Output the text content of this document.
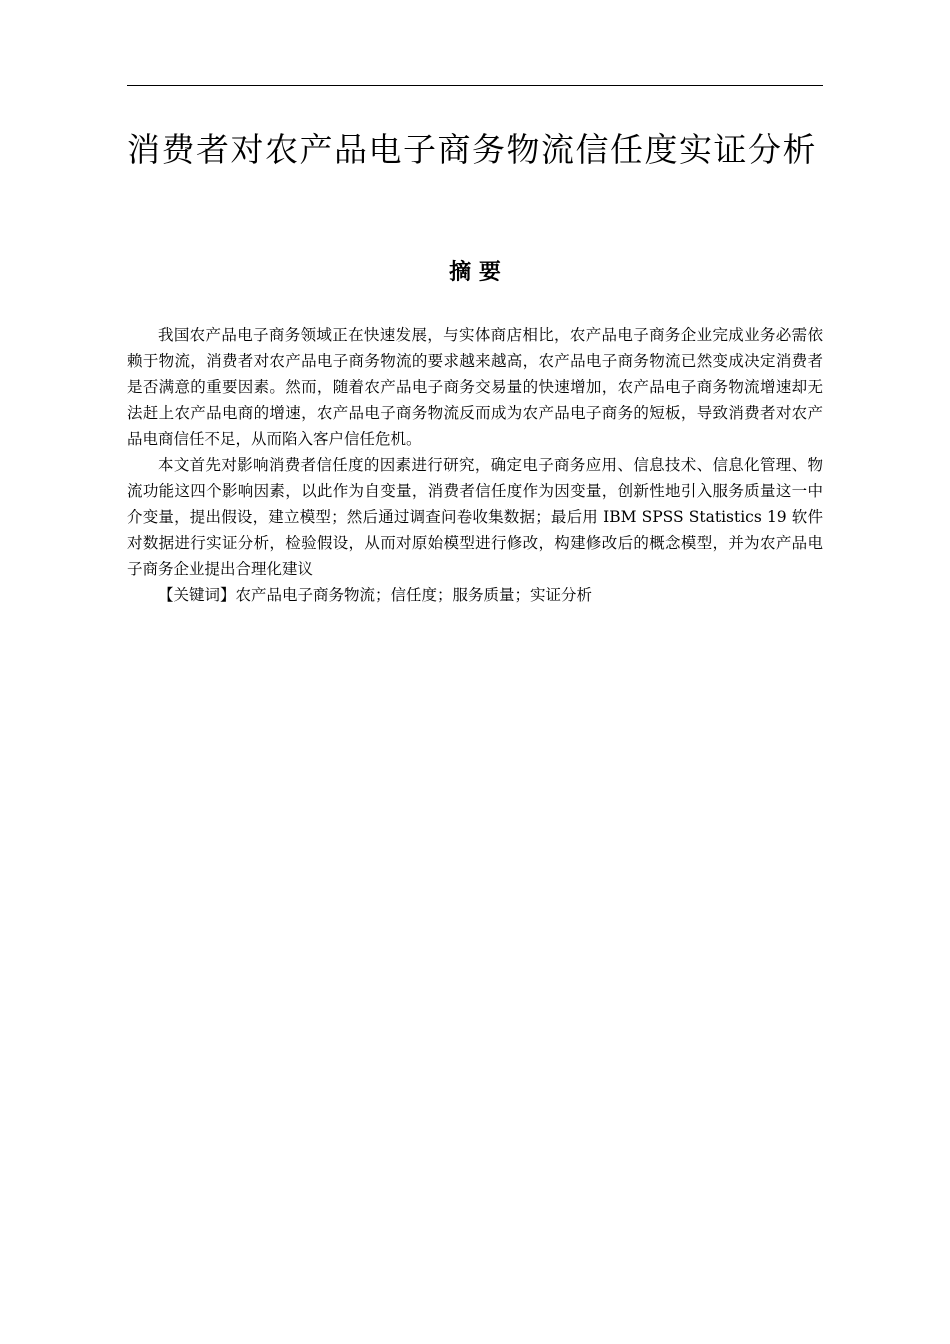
消费者对农产品电子商务物流信任度实证分析
摘 要

我国农产品电子商务领域正在快速发展，与实体商店相比，农产品电子商务企业完成业务必需依赖于物流，消费者对农产品电子商务物流的要求越来越高，农产品电子商务物流已然变成决定消费者是否满意的重要因素。然而，随着农产品电子商务交易量的快速增加，农产品电子商务物流增速却无法赶上农产品电商的增速，农产品电子商务物流反而成为农产品电子商务的短板，导致消费者对农产品电商信任不足，从而陷入客户信任危机。

本文首先对影响消费者信任度的因素进行研究，确定电子商务应用、信息技术、信息化管理、物流功能这四个影响因素，以此作为自变量，消费者信任度作为因变量，创新性地引入服务质量这一中介变量，提出假设，建立模型；然后通过调查问卷收集数据；最后用 IBM SPSS Statistics 19 软件对数据进行实证分析，检验假设，从而对原始模型进行修改，构建修改后的概念模型，并为农产品电子商务企业提出合理化建议

【关键词】农产品电子商务物流；信任度；服务质量；实证分析
